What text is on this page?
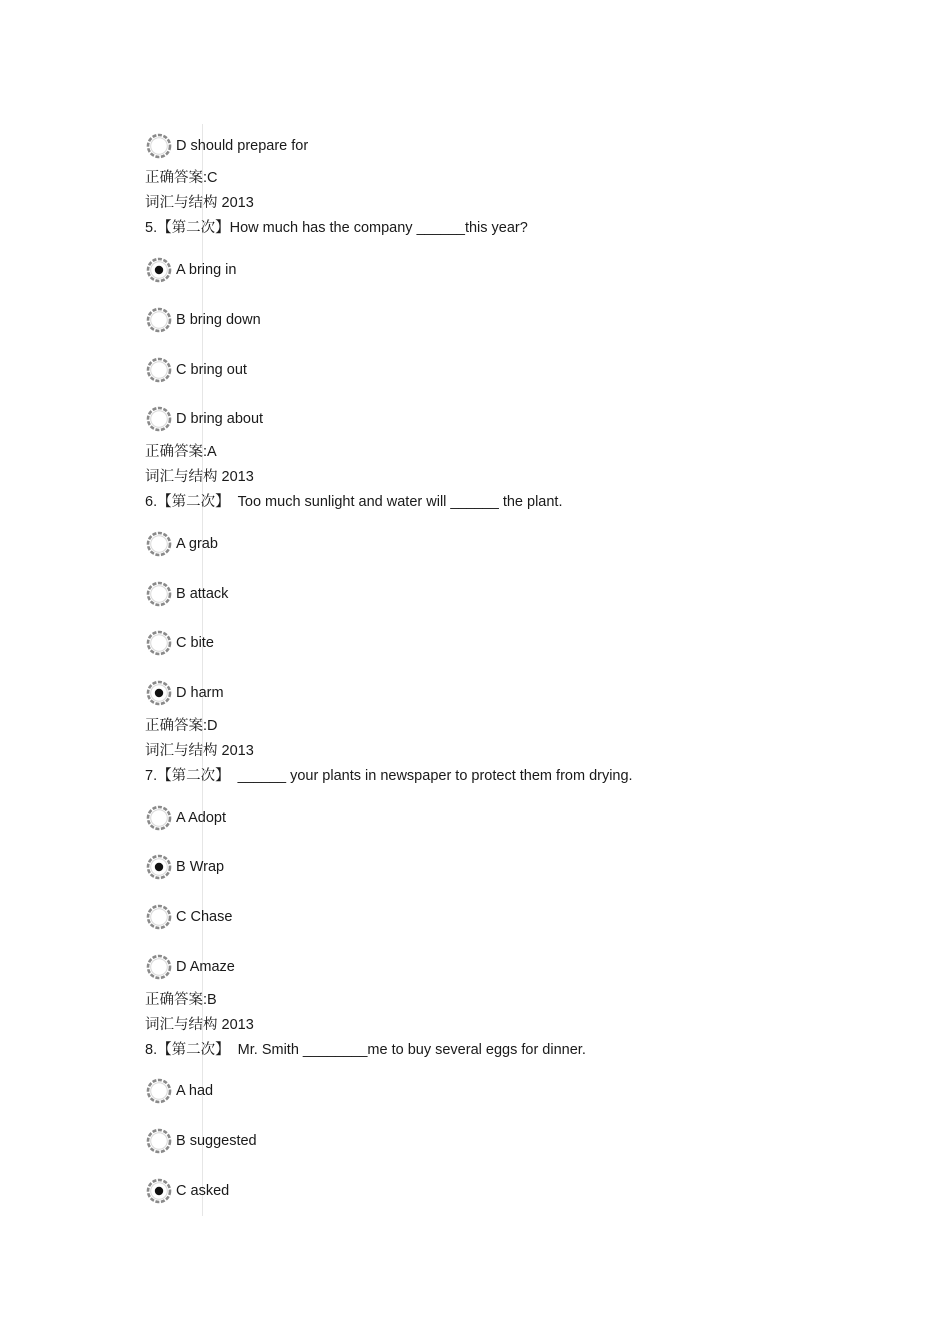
D should prepare for
正确答案:C
词汇与结构 2013
5.【第二次】How much has the company ______this year?
A bring in
B bring down
C bring out
D bring about
正确答案:A
词汇与结构 2013
6.【第二次】  Too much sunlight and water will ______ the plant.
A grab
B attack
C bite
D harm
正确答案:D
词汇与结构 2013
7.【第二次】  ______ your plants in newspaper to protect them from drying.
A Adopt
B Wrap
C Chase
D Amaze
正确答案:B
词汇与结构 2013
8.【第二次】  Mr. Smith ________me to buy several eggs for dinner.
A had
B suggested
C asked
